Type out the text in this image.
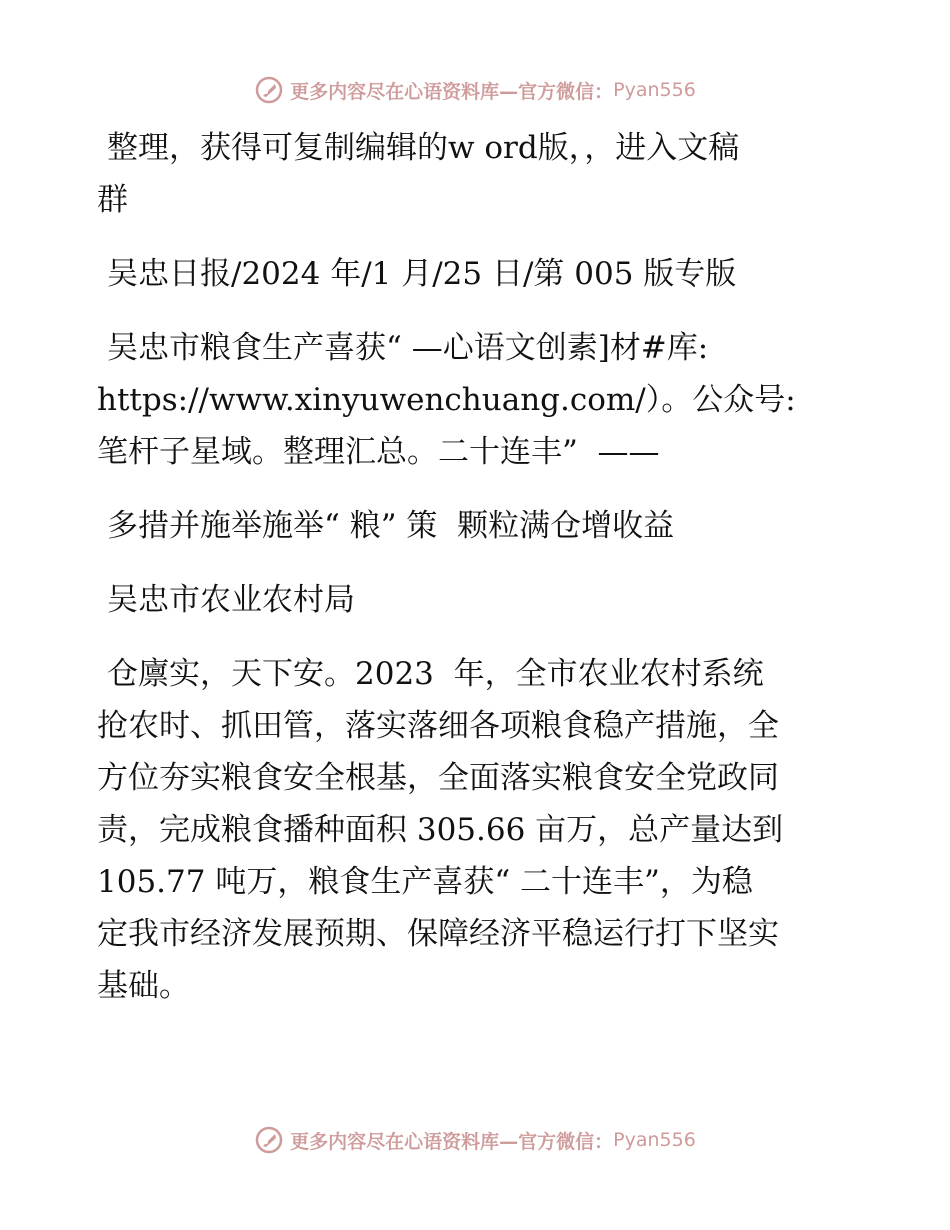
更多内容尽在心语资料库—官方微信： Pyan556

整理，获得可复制编辑的w ord版，，进入文稿

群

吴忠日报/2024 年/1 月/25 日/第 005 版专版

吴忠市粮食生产喜获“ —心语文创素]材#库:

https://www.xinyuwenchuang.com/）。公众号:

笔杆子星域。整理汇总。二十连丰”  ——

多措并施举施举“ 粮” 策  颗粒满仓增收益

吴忠市农业农村局

仓廪实，天下安。2023  年，全市农业农村系统

抢农时、抓田管，落实落细各项粮食稳产措施，全

方位夯实粮食安全根基，全面落实粮食安全党政同

责，完成粮食播种面积 305.66 亩万，总产量达到

105.77 吨万，粮食生产喜获“ 二十连丰”，为稳

定我市经济发展预期、保障经济平稳运行打下坚实

基础。

更多内容尽在心语资料库—官方微信： Pyan556
